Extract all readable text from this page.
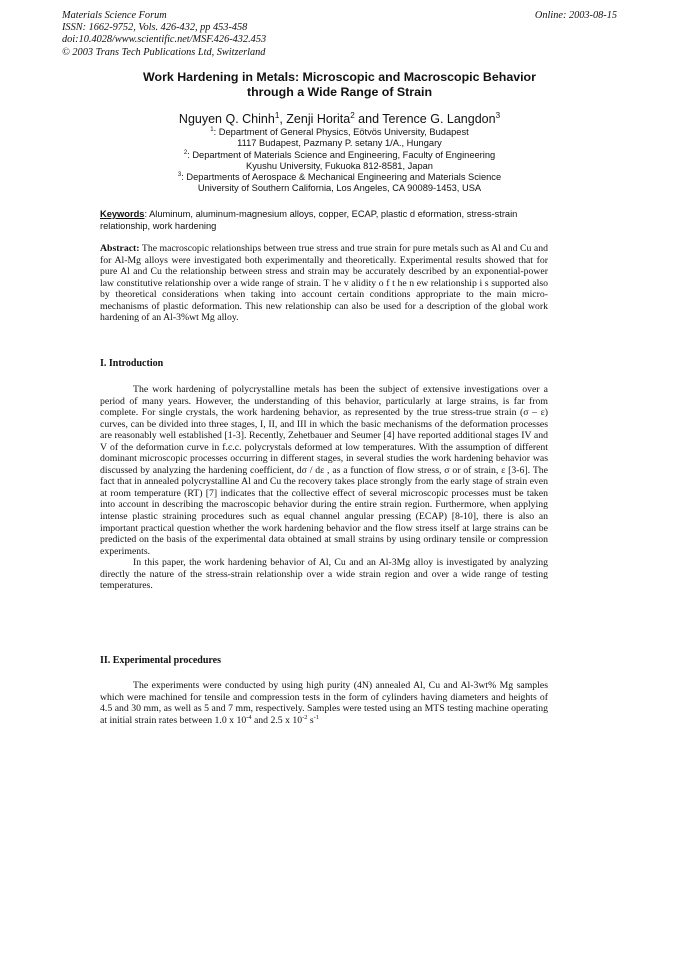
Materials Science Forum
ISSN: 1662-9752, Vols. 426-432, pp 453-458
doi:10.4028/www.scientific.net/MSF.426-432.453
© 2003 Trans Tech Publications Ltd, Switzerland
Online: 2003-08-15
Work Hardening in Metals: Microscopic and Macroscopic Behavior
through a Wide Range of Strain
Nguyen Q. Chinh$^1$, Zenji Horita$^2$ and Terence G. Langdon$^3$
$^1$: Department of General Physics, Eötvös University, Budapest
1117 Budapest, Pazmany P. setany 1/A., Hungary
$^2$: Department of Materials Science and Engineering, Faculty of Engineering
Kyushu University, Fukuoka 812-8581, Japan
$^3$: Departments of Aerospace & Mechanical Engineering and Materials Science
University of Southern California, Los Angeles, CA 90089-1453, USA
Keywords: Aluminum, aluminum-magnesium alloys, copper, ECAP, plastic d eformation, stress-strain relationship, work hardening

Abstract: The macroscopic relationships between true stress and true strain for pure metals such as Al and Cu and for Al-Mg alloys were investigated both experimentally and theoretically. Experimental results showed that for pure Al and Cu the relationship between stress and strain may be accurately described by an exponential-power law constitutive relationship over a wide range of strain. T he v alidity o f t he n ew relationship i s supported also by theoretical considerations when taking into account certain conditions appropriate to the main micro-mechanisms of plastic deformation. This new relationship can also be used for a description of the global work hardening of an Al-3%wt Mg alloy.

I. Introduction

The work hardening of polycrystalline metals has been the subject of extensive investigations over a period of many years. However, the understanding of this behavior, particularly at large strains, is far from complete. For single crystals, the work hardening behavior, as represented by the true stress-true strain (σ – ε) curves, can be divided into three stages, I, II, and III in which the basic mechanisms of the deformation processes are reasonably well established [1-3]. Recently, Zehetbauer and Seumer [4] have reported additional stages IV and V of the deformation curve in f.c.c. polycrystals deformed at low temperatures. With the assumption of different dominant microscopic processes occurring in different stages, in several studies the work hardening behavior was discussed by analyzing the hardening coefficient, dσ / dε , as a function of flow stress, σ or of strain, ε [3-6]. The fact that in annealed polycrystalline Al and Cu the recovery takes place strongly from the early stage of strain even at room temperature (RT) [7] indicates that the collective effect of several microscopic processes must be taken into account in describing the macroscopic behavior during the entire strain region. Furthermore, when applying intense plastic straining procedures such as equal channel angular pressing (ECAP) [8-10], there is also an important practical question whether the work hardening behavior and the flow stress itself at large strains can be predicted on the basis of the experimental data obtained at small strains by using ordinary tensile or compression experiments.

In this paper, the work hardening behavior of Al, Cu and an Al-3Mg alloy is investigated by analyzing directly the nature of the stress-strain relationship over a wide strain region and over a wide range of testing temperatures.

II. Experimental procedures

The experiments were conducted by using high purity (4N) annealed Al, Cu and Al-3wt% Mg samples which were machined for tensile and compression tests in the form of cylinders having diameters and heights of 4.5 and 30 mm, as well as 5 and 7 mm, respectively. Samples were tested using an MTS testing machine operating at initial strain rates between 1.0 x $10^{-4}$ and 2.5 x $10^{-2}$ $s^{-1}$
